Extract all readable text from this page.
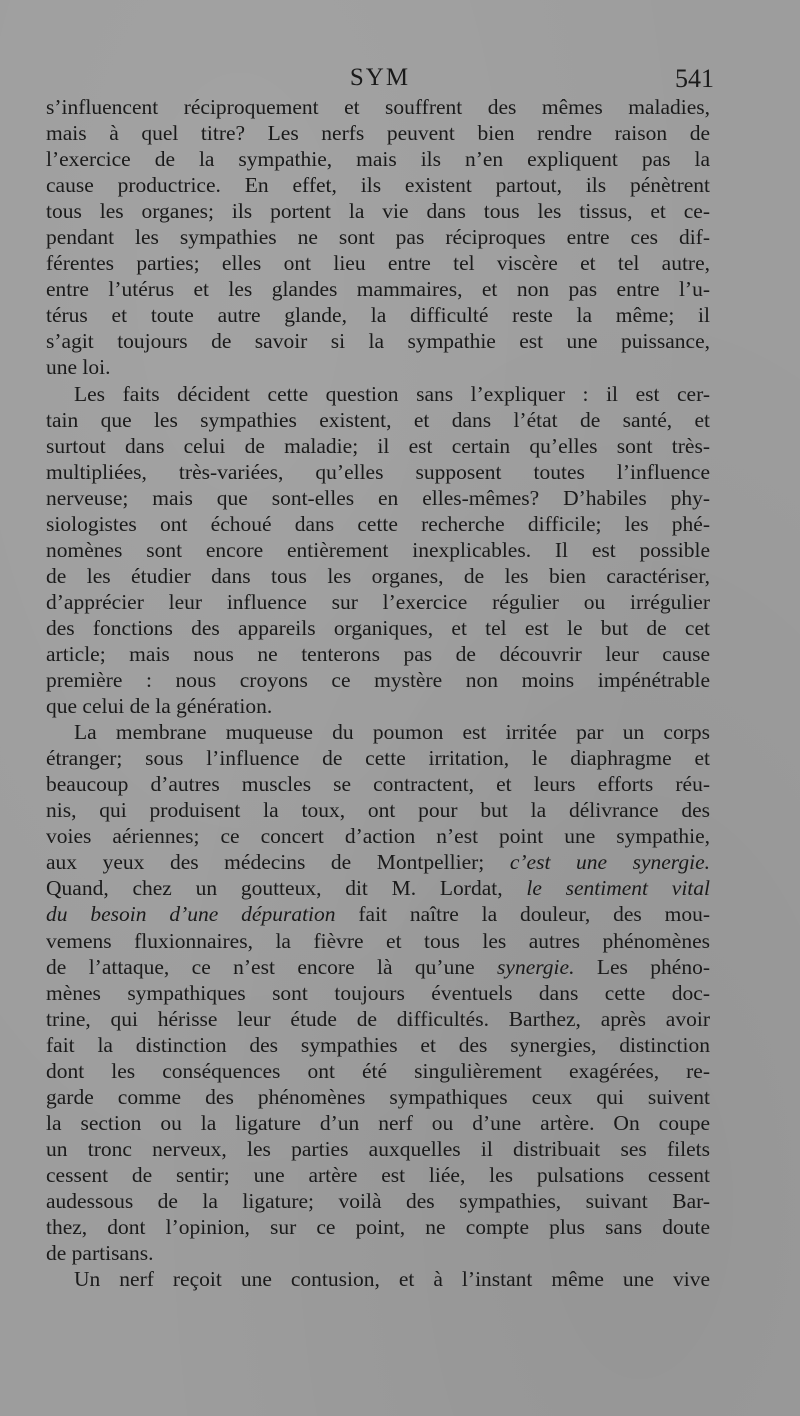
SYM	541
s’influencent réciproquement et souffrent des mêmes maladies,
mais à quel titre? Les nerfs peuvent bien rendre raison de
l’exercice de la sympathie, mais ils n’en expliquent pas la
cause productrice. En effet, ils existent partout, ils pénètrent
tous les organes; ils portent la vie dans tous les tissus, et ce-
pendant les sympathies ne sont pas réciproques entre ces dif-
férentes parties; elles ont lieu entre tel viscère et tel autre,
entre l’utérus et les glandes mammaires, et non pas entre l’u-
térus et toute autre glande, la difficulté reste la même; il
s’agit toujours de savoir si la sympathie est une puissance,
une loi.
Les faits décident cette question sans l’expliquer : il est cer-
tain que les sympathies existent, et dans l’état de santé, et
surtout dans celui de maladie; il est certain qu’elles sont très-
multipliées, très-variées, qu’elles supposent toutes l’influence
nerveuse; mais que sont-elles en elles-mêmes? D’habiles phy-
siologistes ont échoué dans cette recherche difficile; les phé-
nomènes sont encore entièrement inexplicables. Il est possible
de les étudier dans tous les organes, de les bien caractériser,
d’apprécier leur influence sur l’exercice régulier ou irrégulier
des fonctions des appareils organiques, et tel est le but de cet
article; mais nous ne tenterons pas de découvrir leur cause
première : nous croyons ce mystère non moins impénétrable
que celui de la génération.
La membrane muqueuse du poumon est irritée par un corps
étranger; sous l’influence de cette irritation, le diaphragme et
beaucoup d’autres muscles se contractent, et leurs efforts réu-
nis, qui produisent la toux, ont pour but la délivrance des
voies aériennes; ce concert d’action n’est point une sympathie,
aux yeux des médecins de Montpellier; c’est une synergie.
Quand, chez un goutteux, dit M. Lordat, le sentiment vital
du besoin d’une dépuration fait naître la douleur, des mou-
vemens fluxionnaires, la fièvre et tous les autres phénomènes
de l’attaque, ce n’est encore là qu’une synergie. Les phéno-
mènes sympathiques sont toujours éventuels dans cette doc-
trine, qui hérisse leur étude de difficultés. Barthez, après avoir
fait la distinction des sympathies et des synergies, distinction
dont les conséquences ont été singulièrement exagérées, re-
garde comme des phénomènes sympathiques ceux qui suivent
la section ou la ligature d’un nerf ou d’une artère. On coupe
un tronc nerveux, les parties auxquelles il distribuait ses filets
cessent de sentir; une artère est liée, les pulsations cessent
audessous de la ligature; voilà des sympathies, suivant Bar-
thez, dont l’opinion, sur ce point, ne compte plus sans doute
de partisans.
Un nerf reçoit une contusion, et à l’instant même une vive
